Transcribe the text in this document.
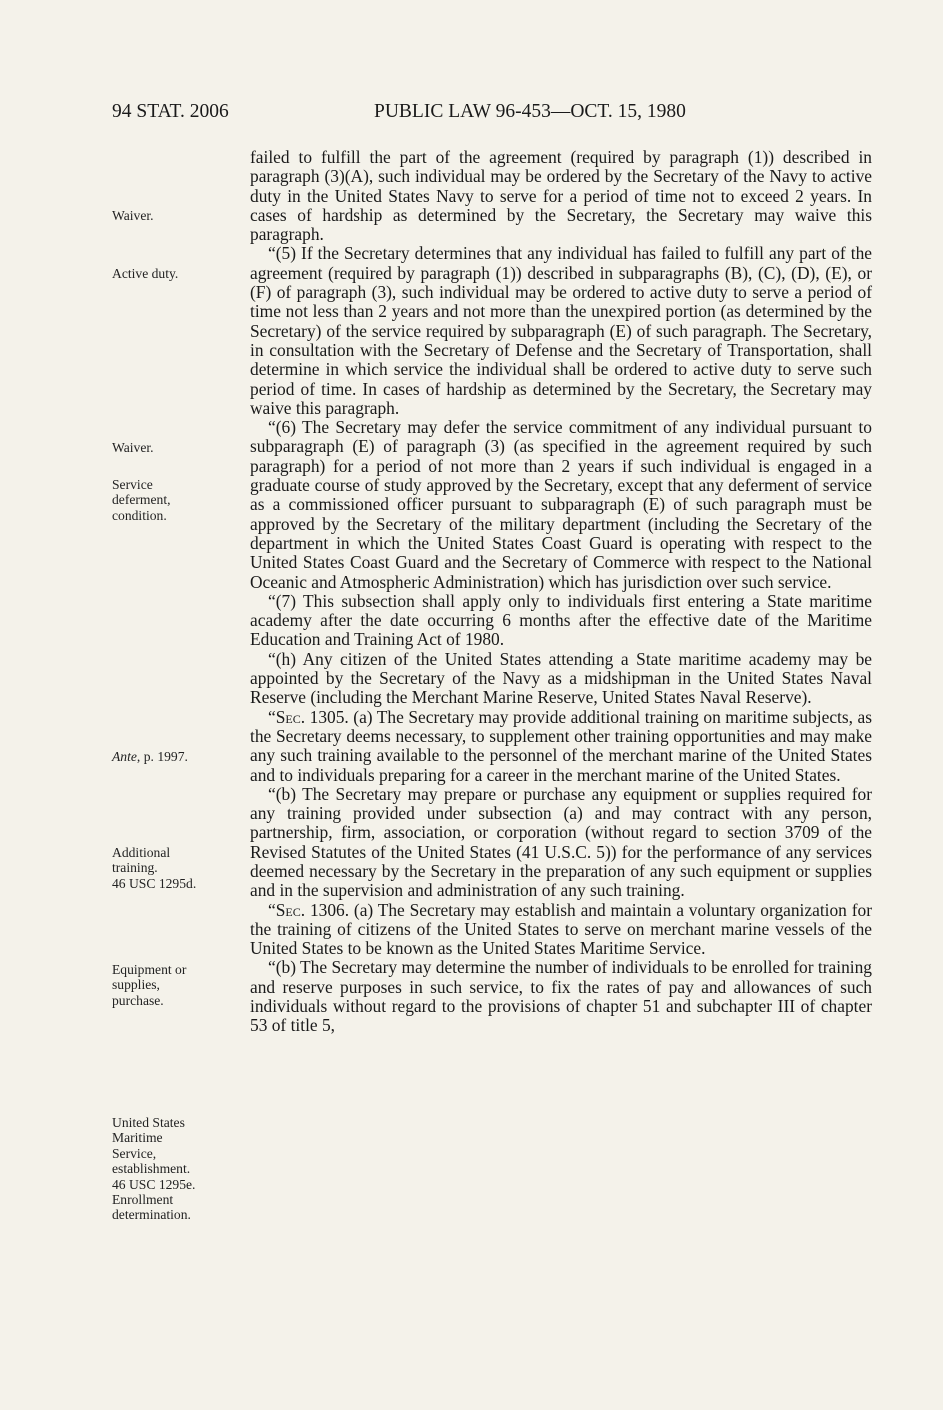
94 STAT. 2006	PUBLIC LAW 96-453—OCT. 15, 1980
Waiver.
Active duty.
Waiver.
Service
deferment,
condition.
Ante, p. 1997.
Additional
training.
46 USC 1295d.
Equipment or
supplies,
purchase.
United States
Maritime
Service,
establishment.
46 USC 1295e.
Enrollment
determination.

failed to fulfill the part of the agreement (required by paragraph (1)) described in paragraph (3)(A), such individual may be ordered by the Secretary of the Navy to active duty in the United States Navy to serve for a period of time not to exceed 2 years. In cases of hardship as determined by the Secretary, the Secretary may waive this paragraph.

“(5) If the Secretary determines that any individual has failed to fulfill any part of the agreement (required by paragraph (1)) described in subparagraphs (B), (C), (D), (E), or (F) of paragraph (3), such individual may be ordered to active duty to serve a period of time not less than 2 years and not more than the unexpired portion (as determined by the Secretary) of the service required by subparagraph (E) of such paragraph. The Secretary, in consultation with the Secretary of Defense and the Secretary of Transportation, shall determine in which service the individual shall be ordered to active duty to serve such period of time. In cases of hardship as determined by the Secretary, the Secretary may waive this paragraph.

“(6) The Secretary may defer the service commitment of any individual pursuant to subparagraph (E) of paragraph (3) (as specified in the agreement required by such paragraph) for a period of not more than 2 years if such individual is engaged in a graduate course of study approved by the Secretary, except that any deferment of service as a commissioned officer pursuant to subparagraph (E) of such paragraph must be approved by the Secretary of the military department (including the Secretary of the department in which the United States Coast Guard is operating with respect to the United States Coast Guard and the Secretary of Commerce with respect to the National Oceanic and Atmospheric Administration) which has jurisdiction over such service.

“(7) This subsection shall apply only to individuals first entering a State maritime academy after the date occurring 6 months after the effective date of the Maritime Education and Training Act of 1980.

“(h) Any citizen of the United States attending a State maritime academy may be appointed by the Secretary of the Navy as a midshipman in the United States Naval Reserve (including the Merchant Marine Reserve, United States Naval Reserve).

“Sec. 1305. (a) The Secretary may provide additional training on maritime subjects, as the Secretary deems necessary, to supplement other training opportunities and may make any such training available to the personnel of the merchant marine of the United States and to individuals preparing for a career in the merchant marine of the United States.

“(b) The Secretary may prepare or purchase any equipment or supplies required for any training provided under subsection (a) and may contract with any person, partnership, firm, association, or corporation (without regard to section 3709 of the Revised Statutes of the United States (41 U.S.C. 5)) for the performance of any services deemed necessary by the Secretary in the preparation of any such equipment or supplies and in the supervision and administration of any such training.

“Sec. 1306. (a) The Secretary may establish and maintain a voluntary organization for the training of citizens of the United States to serve on merchant marine vessels of the United States to be known as the United States Maritime Service.

“(b) The Secretary may determine the number of individuals to be enrolled for training and reserve purposes in such service, to fix the rates of pay and allowances of such individuals without regard to the provisions of chapter 51 and subchapter III of chapter 53 of title 5,
